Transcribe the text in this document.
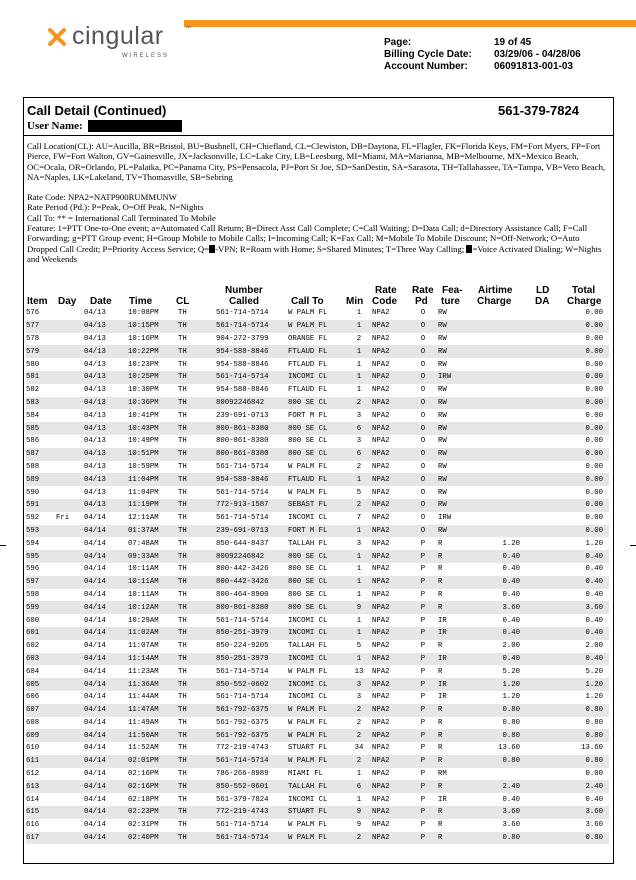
cingular	™
WIRELESS
Page:
Billing Cycle Date:
Account Number:
19 of 45
03/29/06 - 04/28/06
06091813-001-03
Call Detail (Continued)	561-379-7824
User Name:

Call Location(CL): AU=Aucilla, BR=Bristol, BU=Bushnell, CH=Chiefland, CL=Clewiston, DB=Daytona, FL=Flagler, FK=Florida Keys, FM=Fort Myers, FP=Fort Pierce, FW=Fort Walton, GV=Gainesville, JX=Jacksonville, LC=Lake City, LB=Leesburg, MI=Miami, MA=Marianna, MB=Melbourne, MX=Mexico Beach, OC=Ocala, OR=Orlando, PL=Palatka, PC=Panama City, PS=Pensacola, PJ=Port St Joe, SD=SanDestin, SA=Sarasota, TH=Tallahassee, TA=Tampa, VB=Vero Beach, NA=Naples, LK=Lakeland, TV=Thomasville, SB=Sebring

Rate Code: NPA2=NATP900RUMMUNW

Rate Period (Pd.): P=Peak, O=Off Peak, N=Nights

Call To: ** = International Call Terminated To Mobile

Feature: 1=PTT One-to-One event; a=Automated Call Return; B=Direct Asst Call Complete; C=Call Waiting; D=Data Call; d=Directory Assistance Call; F=Call Forwarding; g=PTT Group event; H=Group Mobile to Mobile Calls; I=Incoming Call; K=Fax Call; M=Mobile To Mobile Discount; N=Off-Network; O=Auto Dropped Call Credit; P=Priority Access Service; Q= -VPN; R=Roam with Home; S=Shared Minutes; T=Three Way Calling; =Voice Activated Dialing; W=Nights and Weekends

Item Day Date Time CL
Number
Called	Call To Min
Rate
Code
Rate
Pd
Fea-
ture
Airtime
Charge
LD
DA
Total
Charge
576		04/13	10:08PM	TH	561-714-5714	W PALM FL	1	NPA2	O	RW			0.00
577		04/13	10:15PM	TH	561-714-5714	W PALM FL	1	NPA2	O	RW			0.00
578		04/13	10:16PM	TH	904-272-3799	ORANGE FL	2	NPA2	O	RW			0.00
579		04/13	10:22PM	TH	954-588-8846	FTLAUD FL	1	NPA2	O	RW			0.00
580		04/13	10:23PM	TH	954-588-8846	FTLAUD FL	1	NPA2	O	RW			0.00
581		04/13	10:25PM	TH	561-714-5714	INCOMI CL	1	NPA2	O	IRW			0.00
582		04/13	10:30PM	TH	954-588-8846	FTLAUD FL	1	NPA2	O	RW			0.00
583		04/13	10:36PM	TH	80092246842	800 SE CL	2	NPA2	O	RW			0.00
584		04/13	10:41PM	TH	239-691-0713	FORT M FL	3	NPA2	O	RW			0.00
585		04/13	10:43PM	TH	800-861-8380	800 SE CL	6	NPA2	O	RW			0.00
586		04/13	10:49PM	TH	800-861-8380	800 SE CL	3	NPA2	O	RW			0.00
587		04/13	10:51PM	TH	800-861-8380	800 SE CL	6	NPA2	O	RW			0.00
588		04/13	10:59PM	TH	561-714-5714	W PALM FL	2	NPA2	O	RW			0.00
589		04/13	11:04PM	TH	954-588-8846	FTLAUD FL	1	NPA2	O	RW			0.00
590		04/13	11:04PM	TH	561-714-5714	W PALM FL	5	NPA2	O	RW			0.00
591		04/13	11:19PM	TH	772-913-1587	SEBAST FL	2	NPA2	O	RW			0.00
592	Fri	04/14	12:11AM	TH	561-714-5714	INCOMI CL	7	NPA2	O	IRW			0.00
593		04/14	01:37AM	TH	239-691-0713	FORT M FL	1	NPA2	O	RW			0.00
594		04/14	07:48AM	TH	850-644-8437	TALLAH FL	3	NPA2	P	R	1.20		1.20
595		04/14	09:33AM	TH	80092246842	800 SE CL	1	NPA2	P	R	0.40		0.40
596		04/14	10:11AM	TH	800-442-3426	800 SE CL	1	NPA2	P	R	0.40		0.40
597		04/14	10:11AM	TH	800-442-3426	800 SE CL	1	NPA2	P	R	0.40		0.40
598		04/14	10:11AM	TH	800-464-8900	800 SE CL	1	NPA2	P	R	0.40		0.40
599		04/14	10:12AM	TH	800-861-8380	800 SE CL	9	NPA2	P	R	3.60		3.60
600		04/14	10:29AM	TH	561-714-5714	INCOMI CL	1	NPA2	P	IR	0.40		0.40
601		04/14	11:02AM	TH	850-251-3979	INCOMI CL	1	NPA2	P	IR	0.40		0.40
602		04/14	11:07AM	TH	850-224-9205	TALLAH FL	5	NPA2	P	R	2.00		2.00
603		04/14	11:14AM	TH	850-251-3979	INCOMI CL	1	NPA2	P	IR	0.40		0.40
604		04/14	11:23AM	TH	561-714-5714	W PALM FL	13	NPA2	P	R	5.20		5.20
605		04/14	11:36AM	TH	850-552-0602	INCOMI CL	3	NPA2	P	IR	1.20		1.20
606		04/14	11:44AM	TH	561-714-5714	INCOMI CL	3	NPA2	P	IR	1.20		1.20
607		04/14	11:47AM	TH	561-792-6375	W PALM FL	2	NPA2	P	R	0.80		0.80
608		04/14	11:49AM	TH	561-792-6375	W PALM FL	2	NPA2	P	R	0.80		0.80
609		04/14	11:50AM	TH	561-792-6375	W PALM FL	2	NPA2	P	R	0.80		0.80
610		04/14	11:52AM	TH	772-219-4743	STUART FL	34	NPA2	P	R	13.60		13.60
611		04/14	02:01PM	TH	561-714-5714	W PALM FL	2	NPA2	P	R	0.80		0.80
612		04/14	02:16PM	TH	786-266-8989	MIAMI FL	1	NPA2	P	RM			0.00
613		04/14	02:16PM	TH	850-552-0601	TALLAH FL	6	NPA2	P	R	2.40		2.40
614		04/14	02:18PM	TH	561-379-7824	INCOMI CL	1	NPA2	P	IR	0.40		0.40
615		04/14	02:23PM	TH	772-219-4743	STUART FL	9	NPA2	P	R	3.60		3.60
616		04/14	02:31PM	TH	561-714-5714	W PALM FL	9	NPA2	P	R	3.60		3.60
617		04/14	02:40PM	TH	561-714-5714	W PALM FL	2	NPA2	P	R	0.80		0.80
